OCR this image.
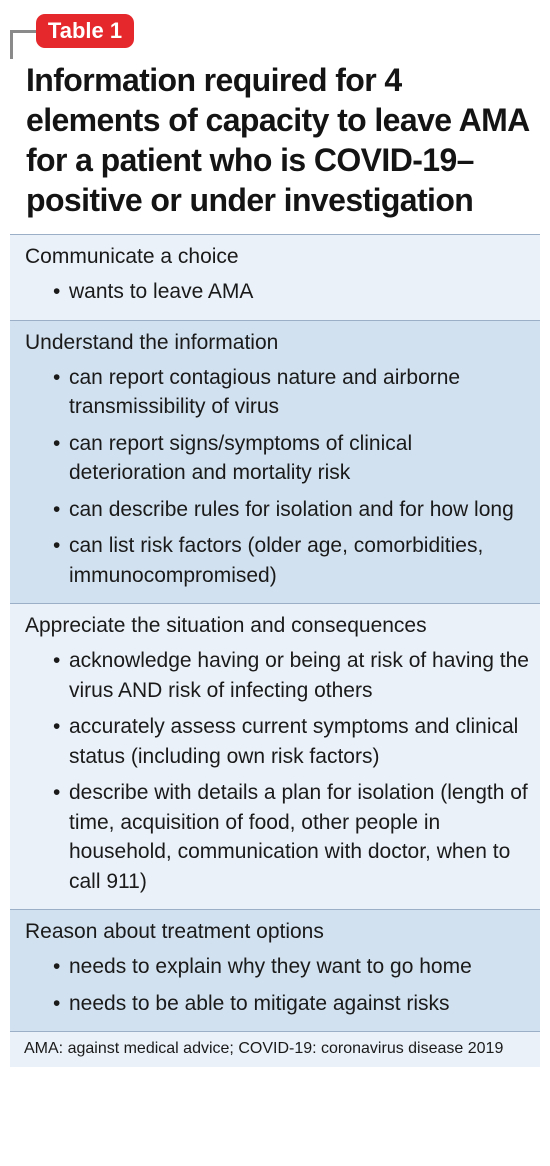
Table 1
Information required for 4 elements of capacity to leave AMA for a patient who is COVID-19–positive or under investigation
Communicate a choice
• wants to leave AMA
Understand the information
• can report contagious nature and airborne transmissibility of virus
• can report signs/symptoms of clinical deterioration and mortality risk
• can describe rules for isolation and for how long
• can list risk factors (older age, comorbidities, immunocompromised)
Appreciate the situation and consequences
• acknowledge having or being at risk of having the virus AND risk of infecting others
• accurately assess current symptoms and clinical status (including own risk factors)
• describe with details a plan for isolation (length of time, acquisition of food, other people in household, communication with doctor, when to call 911)
Reason about treatment options
• needs to explain why they want to go home
• needs to be able to mitigate against risks
AMA: against medical advice; COVID-19: coronavirus disease 2019
